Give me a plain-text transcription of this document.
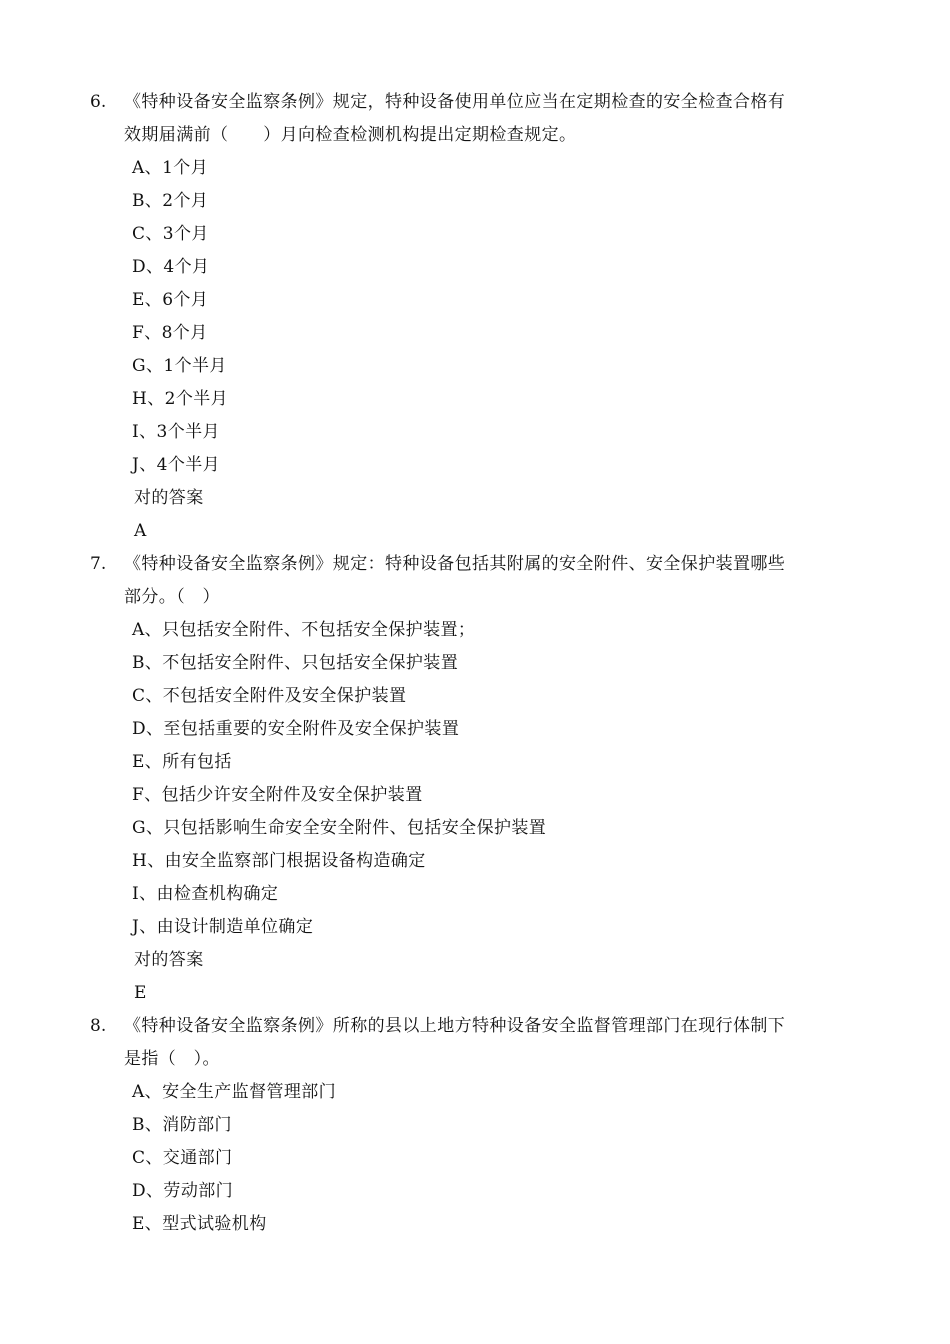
6. 《特种设备安全监察条例》规定，特种设备使用单位应当在定期检查的安全检查合格有
效期届满前（　　）月向检查检测机构提出定期检查规定。
A、1个月
B、2个月
C、3个月
D、4个月
E、6个月
F、8个月
G、1个半月
H、2个半月
I、3个半月
J、4个半月
对的答案
A
7. 《特种设备安全监察条例》规定：特种设备包括其附属的安全附件、安全保护装置哪些
部分。（　）
A、只包括安全附件、不包括安全保护装置；
B、不包括安全附件、只包括安全保护装置
C、不包括安全附件及安全保护装置
D、至包括重要的安全附件及安全保护装置
E、所有包括
F、包括少许安全附件及安全保护装置
G、只包括影响生命安全安全附件、包括安全保护装置
H、由安全监察部门根据设备构造确定
I、由检查机构确定
J、由设计制造单位确定
对的答案
E
8. 《特种设备安全监察条例》所称的县以上地方特种设备安全监督管理部门在现行体制下
是指（　）。
A、安全生产监督管理部门
B、消防部门
C、交通部门
D、劳动部门
E、型式试验机构
